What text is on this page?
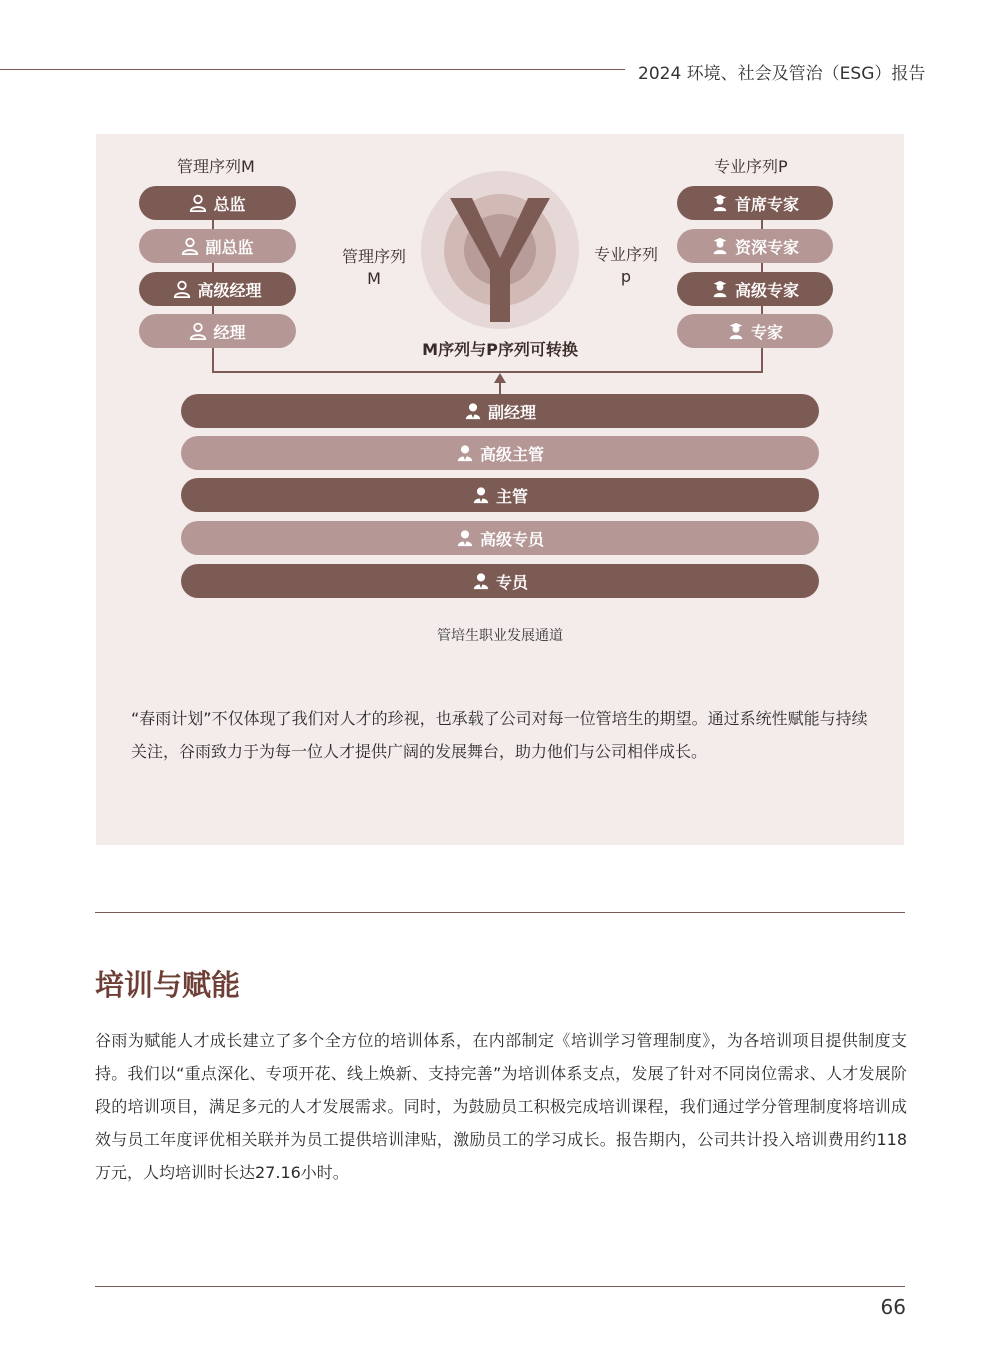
2024 环境、社会及管治（ESG）报告
管理序列M	专业序列P
总监
副总监
高级经理
经理
首席专家
资深专家
高级专家
专家
管理序列
M
专业序列
p
M序列与P序列可转换
副经理
高级主管
主管
高级专员
专员
管培生职业发展通道
“春雨计划”不仅体现了我们对人才的珍视，也承载了公司对每一位管培生的期望。通过系统性赋能与持续关注，谷雨致力于为每一位人才提供广阔的发展舞台，助力他们与公司相伴成长。
培训与赋能
谷雨为赋能人才成长建立了多个全方位的培训体系，在内部制定《培训学习管理制度》，为各培训项目提供制度支持。我们以“重点深化、专项开花、线上焕新、支持完善”为培训体系支点，发展了针对不同岗位需求、人才发展阶段的培训项目，满足多元的人才发展需求。同时，为鼓励员工积极完成培训课程，我们通过学分管理制度将培训成效与员工年度评优相关联并为员工提供培训津贴，激励员工的学习成长。报告期内，公司共计投入培训费用约118万元，人均培训时长达27.16小时。
66
